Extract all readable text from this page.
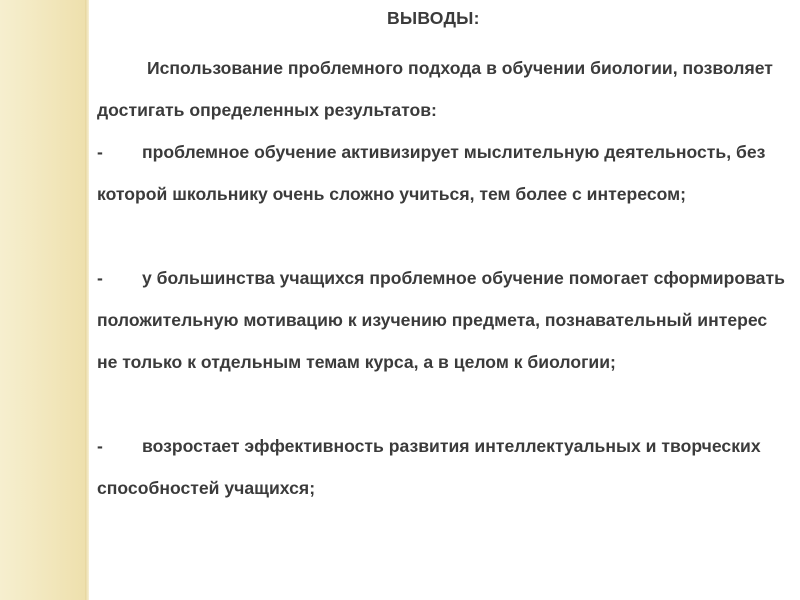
ВЫВОДЫ:

Использование проблемного подхода в обучении биологии, позволяет достигать определенных результатов:

- проблемное обучение активизирует мыслительную деятельность, без которой школьнику очень сложно учиться, тем более с интересом;

- у большинства учащихся проблемное обучение помогает сформировать положительную мотивацию к изучению предмета, познавательный интерес не только к отдельным темам курса, а в целом к биологии;

- возростает эффективность развития интеллектуальных и творческих способностей учащихся;
